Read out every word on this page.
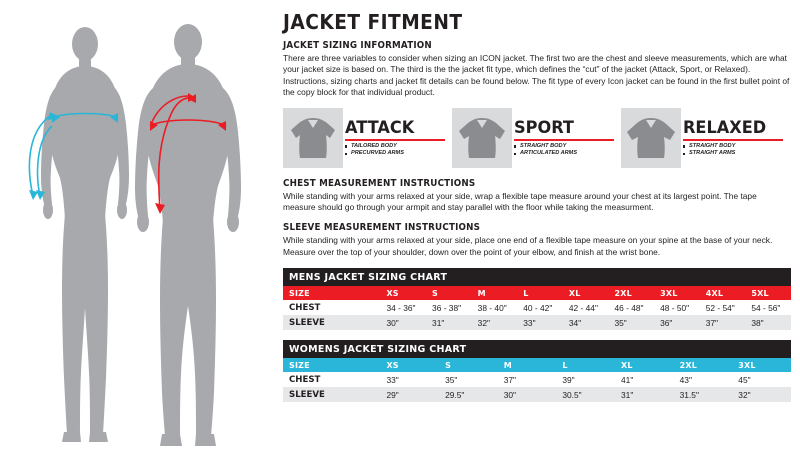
JACKET FITMENT
JACKET SIZING INFORMATION

There are three variables to consider when sizing an ICON jacket. The first two are the chest and sleeve measurements, which are what your jacket size is based on. The third is the the jacket fit type, which defines the “cut” of the jacket (Attack, Sport, or Relaxed). Instructions, sizing charts and jacket fit details can be found below. The fit type of every Icon jacket can be found in the first bullet point of the copy block for that individual product.

ATTACK
TAILORED BODY
PRECURVED ARMS
SPORT
STRAIGHT BODY
ARTICULATED ARMS
RELAXED
STRAIGHT BODY
STRAIGHT ARMS
CHEST MEASUREMENT INSTRUCTIONS

While standing with your arms relaxed at your side, wrap a flexible tape measure around your chest at its largest point. The tape measure should go through your armpit and stay parallel with the floor while taking the measurment.

SLEEVE MEASUREMENT INSTRUCTIONS

While standing with your arms relaxed at your side, place one end of a flexible tape measure on your spine at the base of your neck. Measure over the top of your shoulder, down over the point of your elbow, and finish at the wrist bone.

MENS JACKET SIZING CHART
SIZE	XS	S	M	L	XL	2XL	3XL	4XL	5XL
CHEST	34 - 36"	36 - 38"	38 - 40"	40 - 42"	42 - 44"	46 - 48"	48 - 50"	52 - 54"	54 - 56"
SLEEVE	30"	31"	32"	33"	34"	35"	36"	37"	38"
WOMENS JACKET SIZING CHART
SIZE	XS	S	M	L	XL	2XL	3XL
CHEST	33"	35"	37"	39"	41"	43"	45"
SLEEVE	29"	29.5"	30"	30.5"	31"	31.5"	32"
